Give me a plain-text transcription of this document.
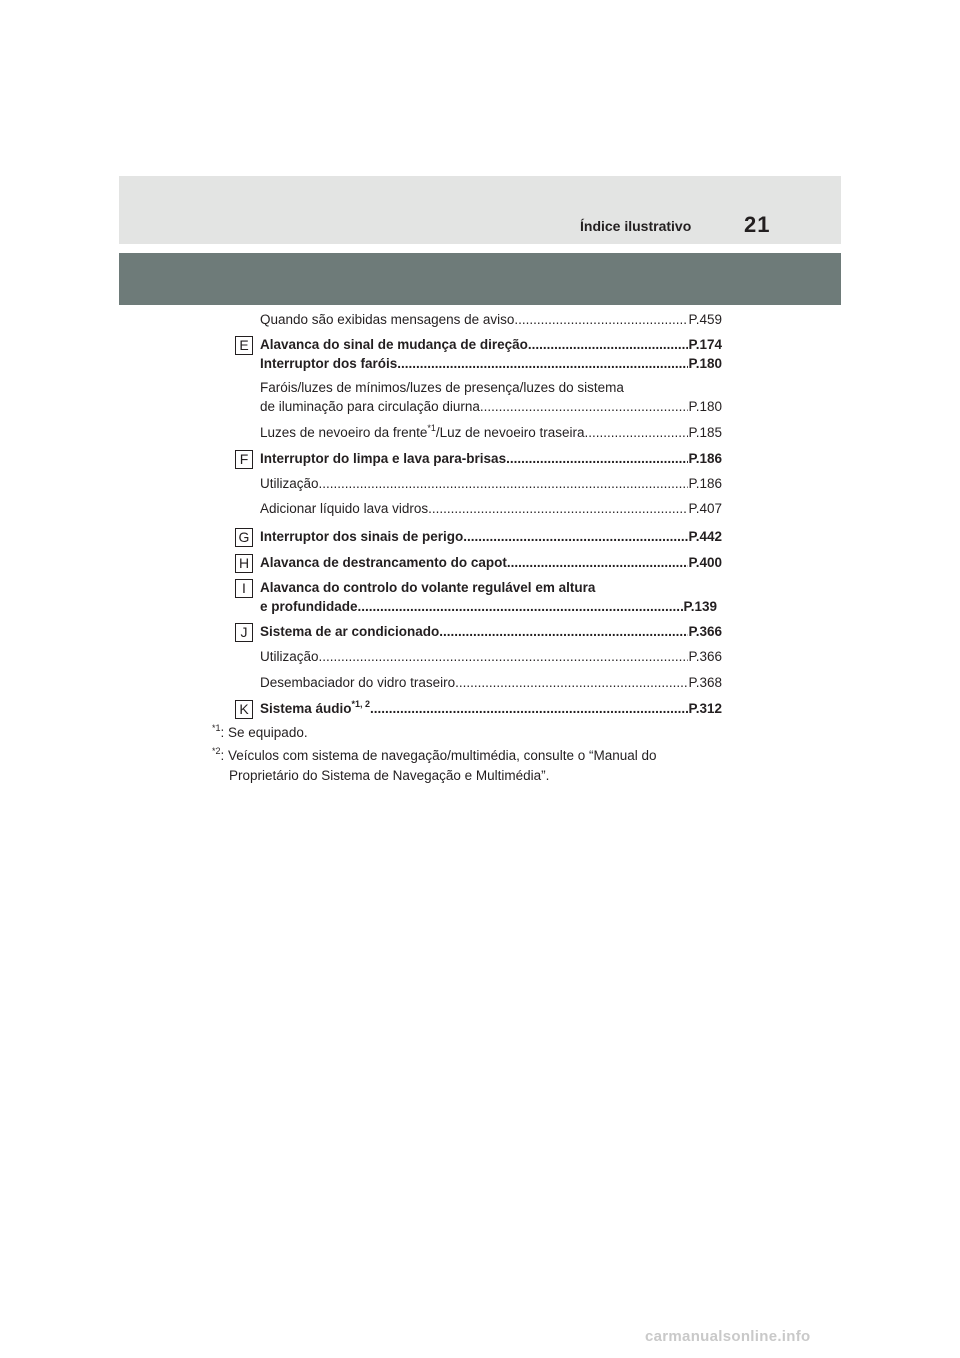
Índice ilustrativo 21
Quando são exibidas mensagens de aviso .....	P.459
E Alavanca do sinal de mudança de direção .....	P.174
Interruptor dos faróis .....	P.180
Faróis/luzes de mínimos/luzes de presença/luzes do sistema
de iluminação para circulação diurna .....	P.180
Luzes de nevoeiro da frente$^{*1}$/Luz de nevoeiro traseira .....	P.185
F Interruptor do limpa e lava para-brisas .....	P.186
Utilização .....	P.186
Adicionar líquido lava vidros .....	P.407
G Interruptor dos sinais de perigo .....	P.442
H Alavanca de destrancamento do capot .....	P.400
I	Alavanca do controlo do volante regulável em altura
e profundidade .....	P.139
J Sistema de ar condicionado .....	P.366
Utilização .....	P.366
Desembaciador do vidro traseiro .....	P.368
K Sistema áudio$^{*1, 2}$ .....	P.312
$^{*1}$: Se equipado.
$^{*2}$: Veículos com sistema de navegação/multimédia, consulte o “Manual do
Proprietário do Sistema de Navegação e Multimédia”.
carmanualsonline.info
